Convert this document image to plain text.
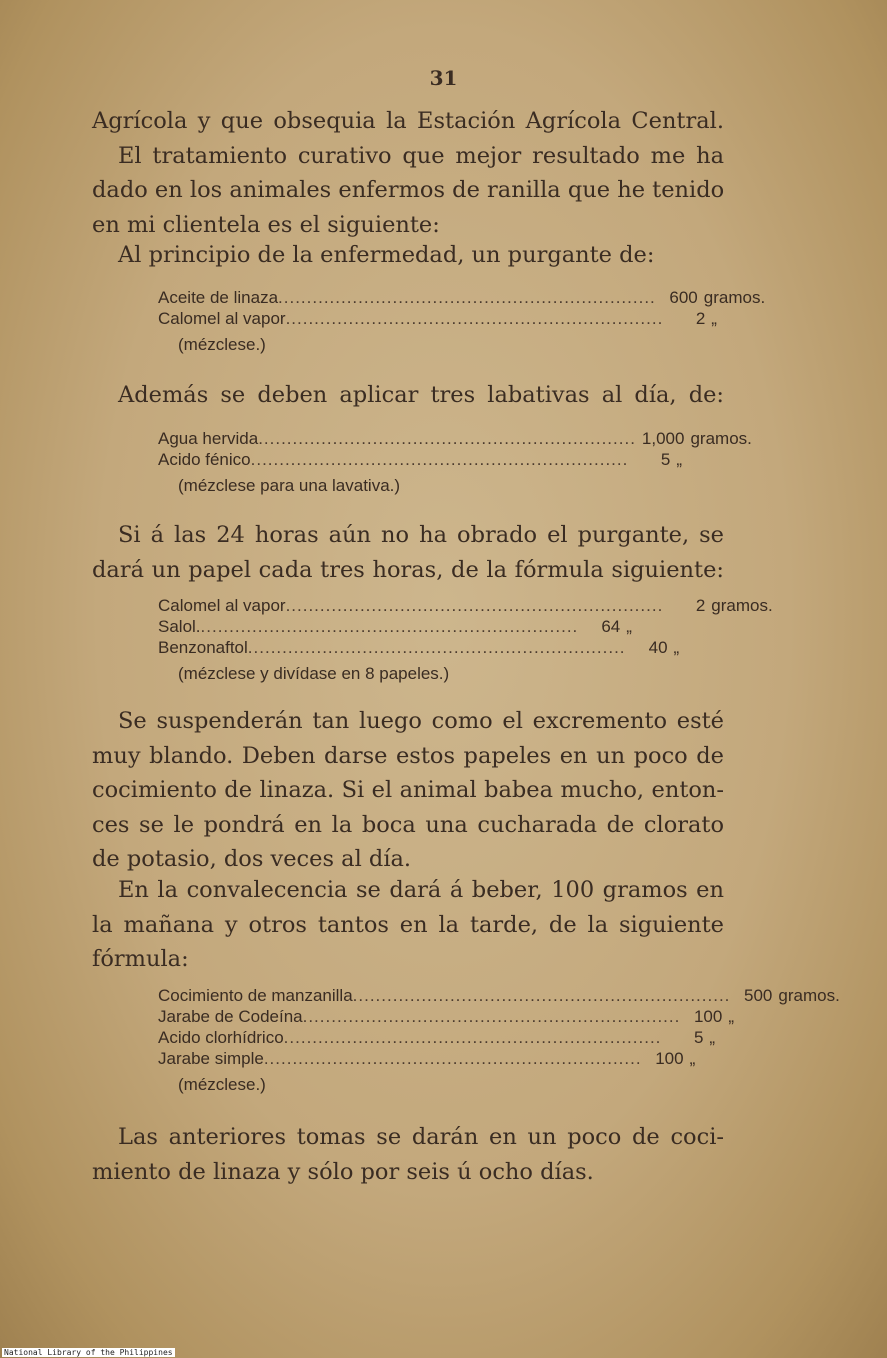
31
Agrícola y que obsequia la Estación Agrícola Central.
El tratamiento curativo que mejor resultado me ha
dado en los animales enfermos de ranilla que he tenido
en mi clientela es el siguiente:
Al principio de la enfermedad, un purgante de:
Aceite de linaza .................................................................. 600 gramos.
Calomel al vapor ..................................................................	2 „
(mézclese.)
Además se deben aplicar tres labativas al día, de:
Agua hervida .................................................................. 1,000 gramos.
Acido fénico ..................................................................	5 „
(mézclese para una lavativa.)
Si á las 24 horas aún no ha obrado el purgante, se
dará un papel cada tres horas, de la fórmula siguiente:
Calomel al vapor ..................................................................	2 gramos.
Salol. ..................................................................	64 „
Benzonaftol ..................................................................	40 „
(mézclese y divídase en 8 papeles.)
Se suspenderán tan luego como el excremento esté
muy blando. Deben darse estos papeles en un poco de
cocimiento de linaza. Si el animal babea mucho, enton-
ces se le pondrá en la boca una cucharada de clorato
de potasio, dos veces al día.
En la convalecencia se dará á beber, 100 gramos en
la mañana y otros tantos en la tarde, de la siguiente
fórmula:
Cocimiento de manzanilla .................................................................. 500 gramos.
Jarabe de Codeína .................................................................. 100 „
Acido clorhídrico ..................................................................	5 „
Jarabe simple .................................................................. 100 „
(mézclese.)
Las anteriores tomas se darán en un poco de coci-
miento de linaza y sólo por seis ú ocho días.
National Library of the Philippines
